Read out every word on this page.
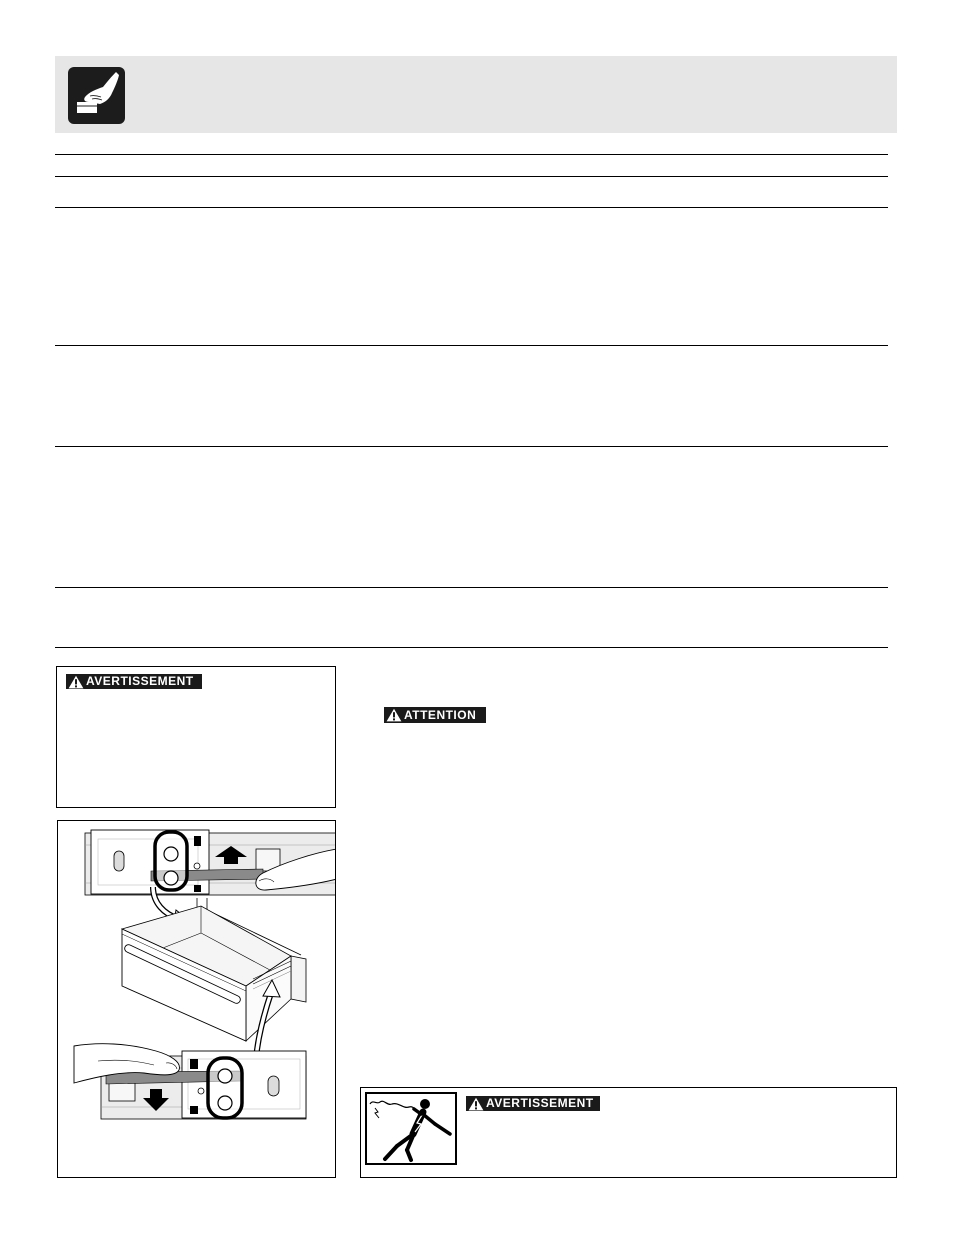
AVERTISSEMENT
ATTENTION
AVERTISSEMENT
